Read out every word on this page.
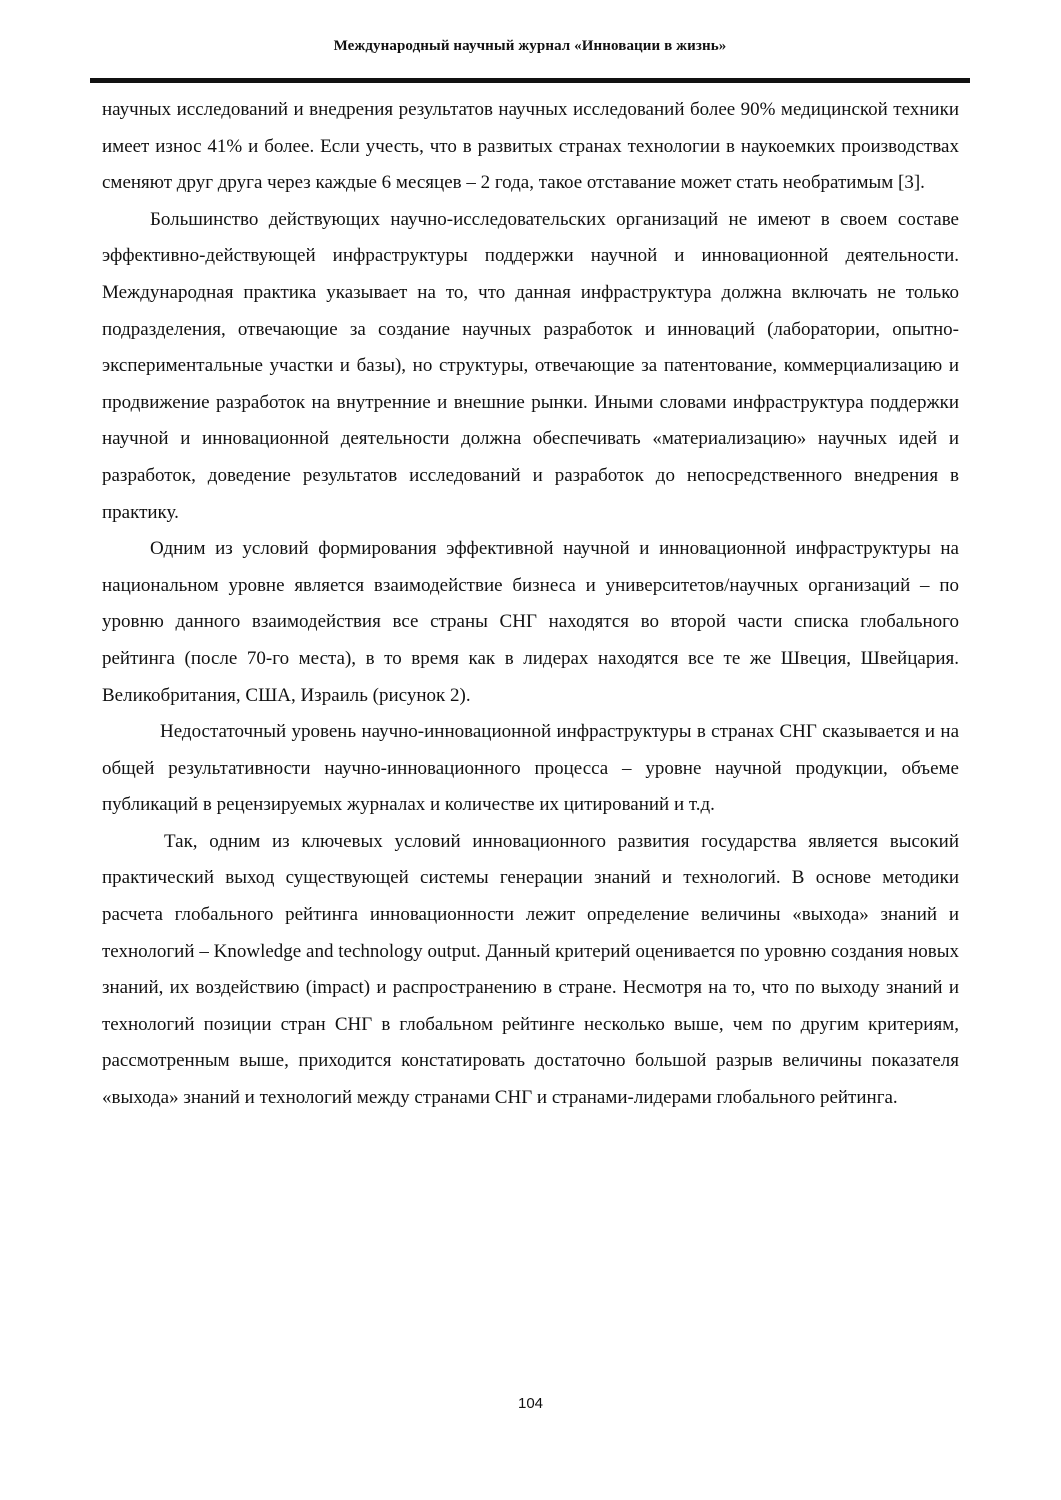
Международный научный журнал «Инновации в жизнь»

научных исследований и внедрения результатов научных исследований более 90% медицинской техники имеет износ 41% и более. Если учесть, что в развитых странах технологии в наукоемких производствах сменяют друг друга через каждые 6 месяцев – 2 года, такое отставание может стать необратимым [3].

Большинство действующих научно-исследовательских организаций не имеют в своем составе эффективно-действующей инфраструктуры поддержки научной и инновационной деятельности. Международная практика указывает на то, что данная инфраструктура должна включать не только подразделения, отвечающие за создание научных разработок и инноваций (лаборатории, опытно-экспериментальные участки и базы), но структуры, отвечающие за патентование, коммерциализацию и продвижение разработок на внутренние и внешние рынки. Иными словами инфраструктура поддержки научной и инновационной деятельности должна обеспечивать «материализацию» научных идей и разработок, доведение результатов исследований и разработок до непосредственного внедрения в практику.

Одним из условий формирования эффективной научной и инновационной инфраструктуры на национальном уровне является взаимодействие бизнеса и университетов/научных организаций – по уровню данного взаимодействия все страны СНГ находятся во второй части списка глобального рейтинга (после 70-го места), в то время как в лидерах находятся все те же Швеция, Швейцария. Великобритания, США, Израиль (рисунок 2).

Недостаточный уровень научно-инновационной инфраструктуры в странах СНГ сказывается и на общей результативности научно-инновационного процесса – уровне научной продукции, объеме публикаций в рецензируемых журналах и количестве их цитирований и т.д.

Так, одним из ключевых условий инновационного развития государства является высокий практический выход существующей системы генерации знаний и технологий. В основе методики расчета глобального рейтинга инновационности лежит определение величины «выхода» знаний и технологий – Knowledge and technology output. Данный критерий оценивается по уровню создания новых знаний, их воздействию (impact) и распространению в стране. Несмотря на то, что по выходу знаний и технологий позиции стран СНГ в глобальном рейтинге несколько выше, чем по другим критериям, рассмотренным выше, приходится констатировать достаточно большой разрыв величины показателя «выхода» знаний и технологий между странами СНГ и странами-лидерами глобального рейтинга.

104
